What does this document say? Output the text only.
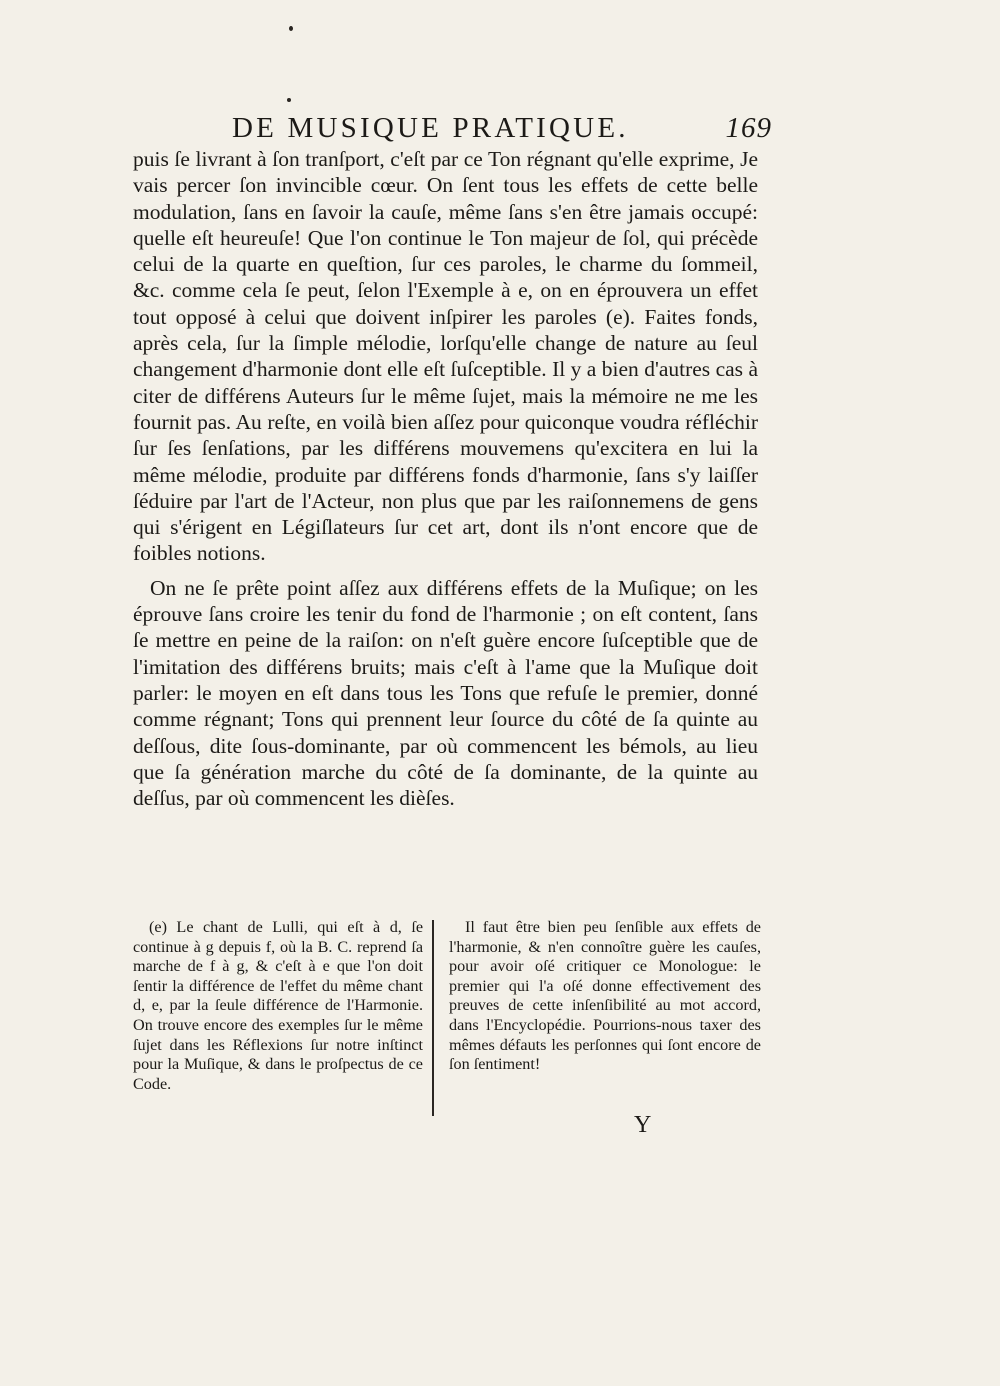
DE MUSIQUE PRATIQUE.	169

puis ſe livrant à ſon tranſport, c'eſt par ce Ton régnant qu'elle exprime, Je vais percer ſon invincible cœur. On ſent tous les effets de cette belle modulation, ſans en ſavoir la cauſe, même ſans s'en être jamais occupé: quelle eſt heureuſe! Que l'on continue le Ton majeur de ſol, qui précède celui de la quarte en queſtion, ſur ces paroles, le charme du ſommeil, &c. comme cela ſe peut, ſelon l'Exemple à e, on en éprouvera un effet tout opposé à celui que doivent inſpirer les paroles (e). Faites fonds, après cela, ſur la ſimple mélodie, lorſqu'elle change de nature au ſeul changement d'harmonie dont elle eſt ſuſceptible. Il y a bien d'autres cas à citer de différens Auteurs ſur le même ſujet, mais la mémoire ne me les fournit pas. Au reſte, en voilà bien aſſez pour quiconque voudra réfléchir ſur ſes ſenſations, par les différens mouvemens qu'excitera en lui la même mélodie, produite par différens fonds d'harmonie, ſans s'y laiſſer ſéduire par l'art de l'Acteur, non plus que par les raiſonnemens de gens qui s'érigent en Légiſlateurs ſur cet art, dont ils n'ont encore que de foibles notions.

On ne ſe prête point aſſez aux différens effets de la Muſique; on les éprouve ſans croire les tenir du fond de l'harmonie ; on eſt content, ſans ſe mettre en peine de la raiſon: on n'eſt guère encore ſuſceptible que de l'imitation des différens bruits; mais c'eſt à l'ame que la Muſique doit parler: le moyen en eſt dans tous les Tons que refuſe le premier, donné comme régnant; Tons qui prennent leur ſource du côté de ſa quinte au deſſous, dite ſous-dominante, par où commencent les bémols, au lieu que ſa génération marche du côté de ſa dominante, de la quinte au deſſus, par où commencent les dièſes.

(e) Le chant de Lulli, qui eſt à d, ſe continue à g depuis f, où la B. C. reprend ſa marche de f à g, & c'eſt à e que l'on doit ſentir la différence de l'effet du même chant d, e, par la ſeule différence de l'Harmonie. On trouve encore des exemples ſur le même ſujet dans les Réflexions ſur notre inſtinct pour la Muſique, & dans le proſpectus de ce Code.
Il faut être bien peu ſenſible aux effets de l'harmonie, & n'en connoître guère les cauſes, pour avoir oſé critiquer ce Monologue: le premier qui l'a oſé donne effectivement des preuves de cette inſenſibilité au mot accord, dans l'Encyclopédie. Pourrions-nous taxer des mêmes défauts les perſonnes qui ſont encore de ſon ſentiment!
Y
